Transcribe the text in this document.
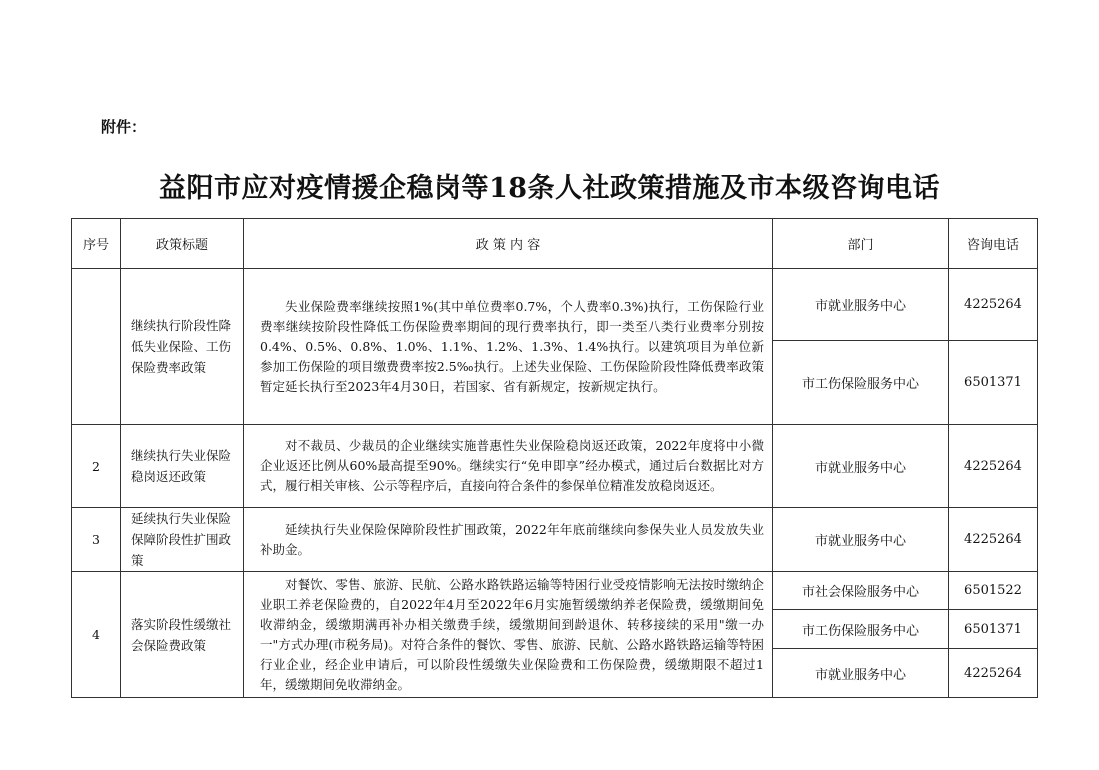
附件：
益阳市应对疫情援企稳岗等18条人社政策措施及市本级咨询电话
序号	政策标题	政 策 内 容	部门	咨询电话
	继续执行阶段性降低失业保险、工伤保险费率政策	失业保险费率继续按照1%(其中单位费率0.7%，个人费率0.3%)执行，工伤保险行业费率继续按阶段性降低工伤保险费率期间的现行费率执行，即一类至八类行业费率分别按0.4%、0.5%、0.8%、1.0%、1.1%、1.2%、1.3%、1.4%执行。以建筑项目为单位新参加工伤保险的项目缴费费率按2.5‰执行。上述失业保险、工伤保险阶段性降低费率政策暂定延长执行至2023年4月30日，若国家、省有新规定，按新规定执行。	市就业服务中心	4225264
			市工伤保险服务中心	6501371
2	继续执行失业保险稳岗返还政策	对不裁员、少裁员的企业继续实施普惠性失业保险稳岗返还政策，2022年度将中小微企业返还比例从60%最高提至90%。继续实行“免申即享”经办模式，通过后台数据比对方式，履行相关审核、公示等程序后，直接向符合条件的参保单位精准发放稳岗返还。	市就业服务中心	4225264
3	延续执行失业保险保障阶段性扩围政策	延续执行失业保险保障阶段性扩围政策，2022年年底前继续向参保失业人员发放失业补助金。	市就业服务中心	4225264
4	落实阶段性缓缴社会保险费政策	对餐饮、零售、旅游、民航、公路水路铁路运输等特困行业受疫情影响无法按时缴纳企业职工养老保险费的，自2022年4月至2022年6月实施暂缓缴纳养老保险费，缓缴期间免收滞纳金，缓缴期满再补办相关缴费手续，缓缴期间到龄退休、转移接续的采用"缴一办一"方式办理(市税务局)。对符合条件的餐饮、零售、旅游、民航、公路水路铁路运输等特困行业企业，经企业申请后，可以阶段性缓缴失业保险费和工伤保险费，缓缴期限不超过1年，缓缴期间免收滞纳金。	市社会保险服务中心	6501522
			市工伤保险服务中心	6501371
			市就业服务中心	4225264
